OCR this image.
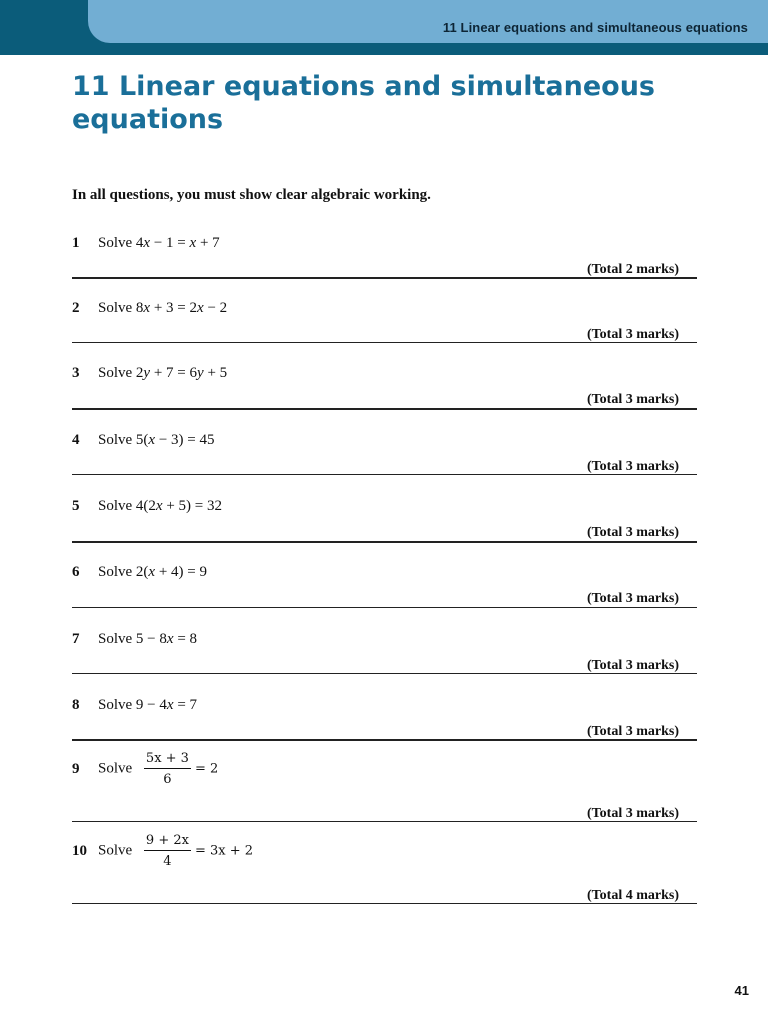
11 Linear equations and simultaneous equations
11 Linear equations and simultaneous equations
In all questions, you must show clear algebraic working.
1 Solve 4x − 1 = x + 7
(Total 2 marks)
2 Solve 8x + 3 = 2x − 2
(Total 3 marks)
3 Solve 2y + 7 = 6y + 5
(Total 3 marks)
4 Solve 5(x − 3) = 45
(Total 3 marks)
5 Solve 4(2x + 5) = 32
(Total 3 marks)
6 Solve 2(x + 4) = 9
(Total 3 marks)
7 Solve 5 − 8x = 8
(Total 3 marks)
8 Solve 9 − 4x = 7
(Total 3 marks)
9 Solve $\frac{5x + 3}{6} = 2$
(Total 3 marks)
10 Solve $\frac{9 + 2x}{4} = 3x + 2$
(Total 4 marks)
41
